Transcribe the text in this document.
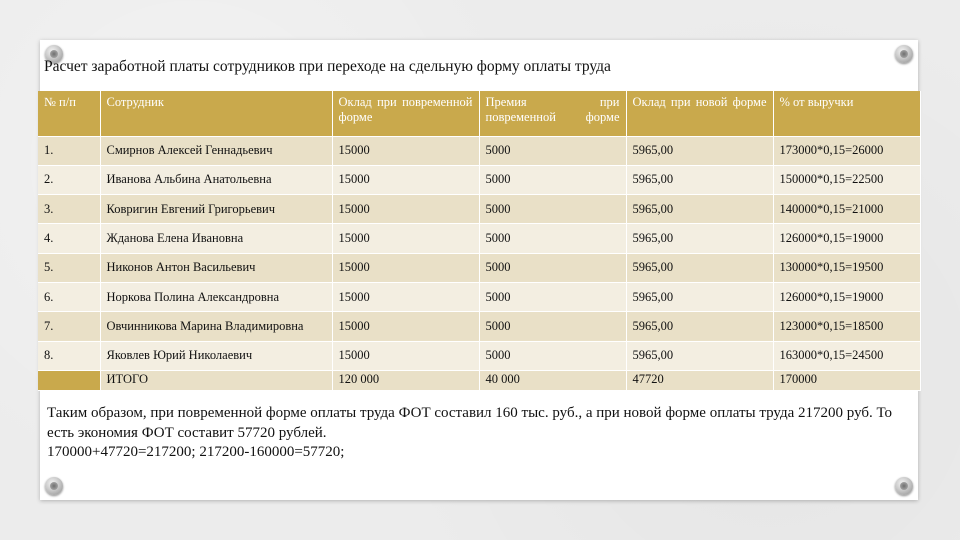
Расчет заработной платы сотрудников при переходе на сдельную форму оплаты труда
№ п/п	Сотрудник	Оклад при повременной форме	Премия при повременной форме	Оклад при новой форме	% от выручки
1.	Смирнов Алексей Геннадьевич	15000	5000	5965,00	173000*0,15=26000
2.	Иванова Альбина Анатольевна	15000	5000	5965,00	150000*0,15=22500
3.	Ковригин Евгений Григорьевич	15000	5000	5965,00	140000*0,15=21000
4.	Жданова Елена Ивановна	15000	5000	5965,00	126000*0,15=19000
5.	Никонов Антон Васильевич	15000	5000	5965,00	130000*0,15=19500
6.	Норкова Полина Александровна	15000	5000	5965,00	126000*0,15=19000
7.	Овчинникова Марина Владимировна	15000	5000	5965,00	123000*0,15=18500
8.	Яковлев Юрий Николаевич	15000	5000	5965,00	163000*0,15=24500
	ИТОГО	120 000	40 000	47720	170000
Таким образом, при повременной форме оплаты труда ФОТ составил 160 тыс. руб., а при новой форме оплаты труда 217200 руб. То есть экономия ФОТ составит 57720 рублей.
170000+47720=217200; 217200-160000=57720;
